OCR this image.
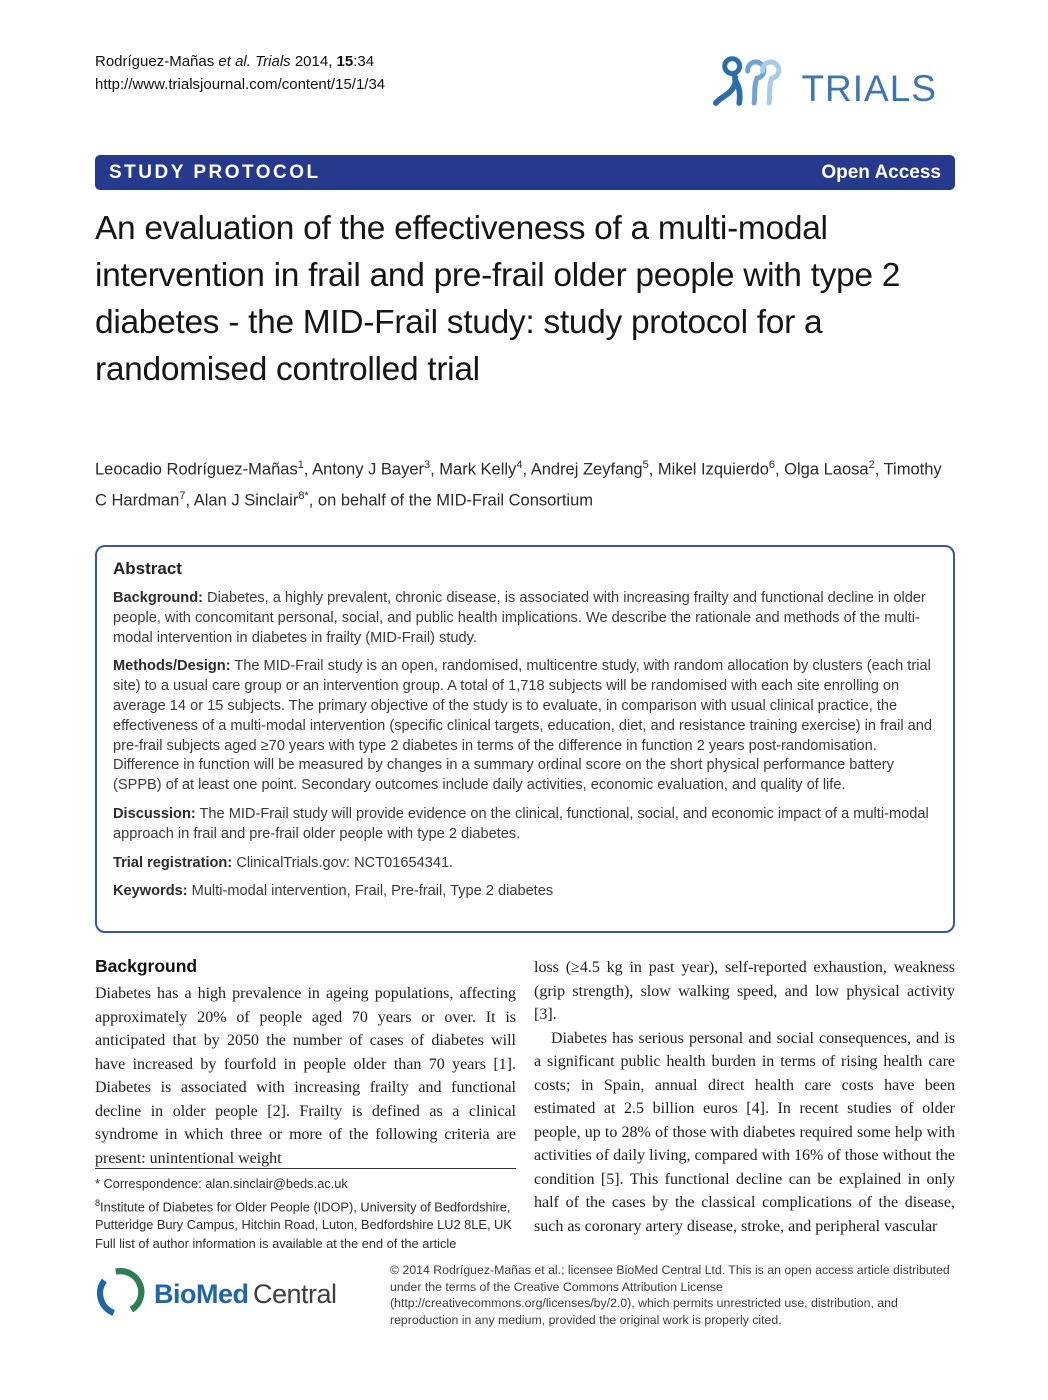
Rodríguez-Mañas et al. Trials 2014, 15:34
http://www.trialsjournal.com/content/15/1/34	TRIALS
STUDY PROTOCOL	Open Access
An evaluation of the effectiveness of a multi-modal intervention in frail and pre-frail older people with type 2 diabetes - the MID-Frail study: study protocol for a randomised controlled trial
Leocadio Rodríguez-Mañas$^1$, Antony J Bayer$^3$, Mark Kelly$^4$, Andrej Zeyfang$^5$, Mikel Izquierdo$^6$, Olga Laosa$^2$, Timothy C Hardman$^7$, Alan J Sinclair$^{8*}$, on behalf of the MID-Frail Consortium
Abstract

Background: Diabetes, a highly prevalent, chronic disease, is associated with increasing frailty and functional decline in older people, with concomitant personal, social, and public health implications. We describe the rationale and methods of the multi-modal intervention in diabetes in frailty (MID-Frail) study.

Methods/Design: The MID-Frail study is an open, randomised, multicentre study, with random allocation by clusters (each trial site) to a usual care group or an intervention group. A total of 1,718 subjects will be randomised with each site enrolling on average 14 or 15 subjects. The primary objective of the study is to evaluate, in comparison with usual clinical practice, the effectiveness of a multi-modal intervention (specific clinical targets, education, diet, and resistance training exercise) in frail and pre-frail subjects aged ≥70 years with type 2 diabetes in terms of the difference in function 2 years post-randomisation. Difference in function will be measured by changes in a summary ordinal score on the short physical performance battery (SPPB) of at least one point. Secondary outcomes include daily activities, economic evaluation, and quality of life.

Discussion: The MID-Frail study will provide evidence on the clinical, functional, social, and economic impact of a multi-modal approach in frail and pre-frail older people with type 2 diabetes.

Trial registration: ClinicalTrials.gov: NCT01654341.

Keywords: Multi-modal intervention, Frail, Pre-frail, Type 2 diabetes

Background

Diabetes has a high prevalence in ageing populations, affecting approximately 20% of people aged 70 years or over. It is anticipated that by 2050 the number of cases of diabetes will have increased by fourfold in people older than 70 years [1]. Diabetes is associated with increasing frailty and functional decline in older people [2]. Frailty is defined as a clinical syndrome in which three or more of the following criteria are present: unintentional weight

loss (≥4.5 kg in past year), self-reported exhaustion, weakness (grip strength), slow walking speed, and low physical activity [3].

Diabetes has serious personal and social consequences, and is a significant public health burden in terms of rising health care costs; in Spain, annual direct health care costs have been estimated at 2.5 billion euros [4]. In recent studies of older people, up to 28% of those with diabetes required some help with activities of daily living, compared with 16% of those without the condition [5]. This functional decline can be explained in only half of the cases by the classical complications of the disease, such as coronary artery disease, stroke, and peripheral vascular

* Correspondence: alan.sinclair@beds.ac.uk
$^8$Institute of Diabetes for Older People (IDOP), University of Bedfordshire, Putteridge Bury Campus, Hitchin Road, Luton, Bedfordshire LU2 8LE, UK
Full list of author information is available at the end of the article
BioMed Central
© 2014 Rodríguez-Mañas et al.; licensee BioMed Central Ltd. This is an open access article distributed under the terms of the Creative Commons Attribution License (http://creativecommons.org/licenses/by/2.0), which permits unrestricted use, distribution, and reproduction in any medium, provided the original work is properly cited.
